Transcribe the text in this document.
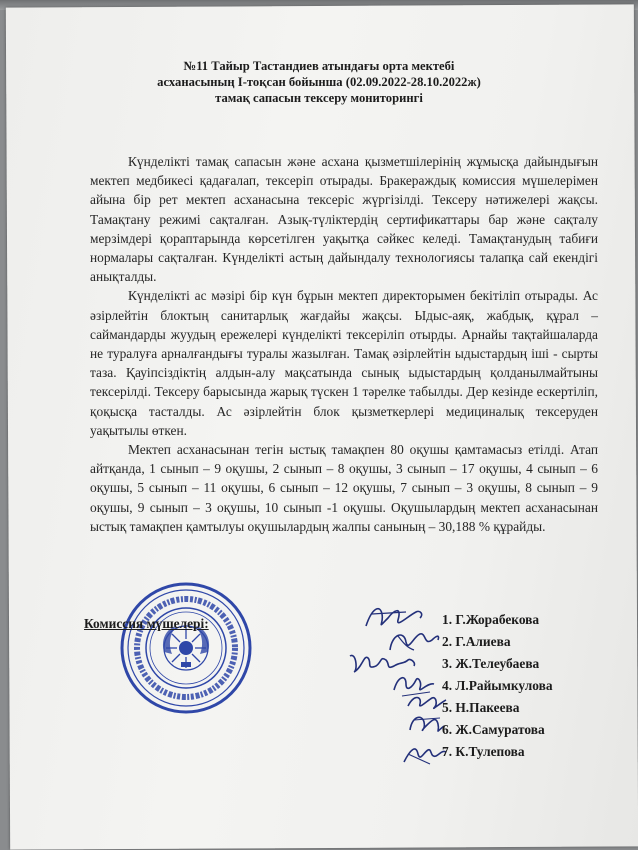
№11 Тайыр Тастандиев атындағы орта мектебі
асханасының І-тоқсан бойынша (02.09.2022-28.10.2022ж)
тамақ сапасын тексеру мониторингі

Күнделікті тамақ сапасын және асхана қызметшілерінің жұмысқа дайындығын мектеп медбикесі қадағалап, тексеріп отырады. Бракераждық комиссия мүшелерімен айына бір рет мектеп асханасына тексеріс жүргізілді. Тексеру нәтижелері жақсы. Тамақтану режимі сақталған. Азық-түліктердің сертификаттары бар және сақталу мерзімдері қораптарында көрсетілген уақытқа сәйкес келеді. Тамақтанудың табиғи нормалары сақталған. Күнделікті астың дайындалу технологиясы талапқа сай екендігі анықталды.

Күнделікті ас мәзірі бір күн бұрын мектеп директорымен бекітіліп отырады. Ас әзірлейтін блоктың санитарлық жағдайы жақсы. Ыдыс-аяқ, жабдық, құрал – саймандарды жуудың ережелері күнделікті тексеріліп отырды. Арнайы тақтайшаларда не туралуға арналғандығы туралы жазылған. Тамақ әзірлейтін ыдыстардың іші - сырты таза. Қауіпсіздіктің алдын-алу мақсатында сынық ыдыстардың қолданылмайтыны тексерілді. Тексеру барысында жарық түскен 1 тәрелке табылды. Дер кезінде ескертіліп, қоқысқа тасталды. Ас әзірлейтін блок қызметкерлері медициналық тексеруден уақытылы өткен.

Мектеп асханасынан тегін ыстық тамақпен 80 оқушы қамтамасыз етілді. Атап айтқанда, 1 сынып – 9 оқушы, 2 сынып – 8 оқушы, 3 сынып – 17 оқушы, 4 сынып – 6 оқушы, 5 сынып – 11 оқушы, 6 сынып – 12 оқушы, 7 сынып – 3 оқушы, 8 сынып – 9 оқушы, 9 сынып – 3 оқушы, 10 сынып -1 оқушы. Оқушылардың мектеп асханасынан ыстық тамақпен қамтылуы оқушылардың жалпы санының – 30,188 % құрайды.

Комиссия мүшелері:	1. Г.Жорабекова
2. Г.Алиева
3. Ж.Телеубаева
4. Л.Райымкулова
5. Н.Пакеева
6. Ж.Самуратова
7. К.Тулепова
